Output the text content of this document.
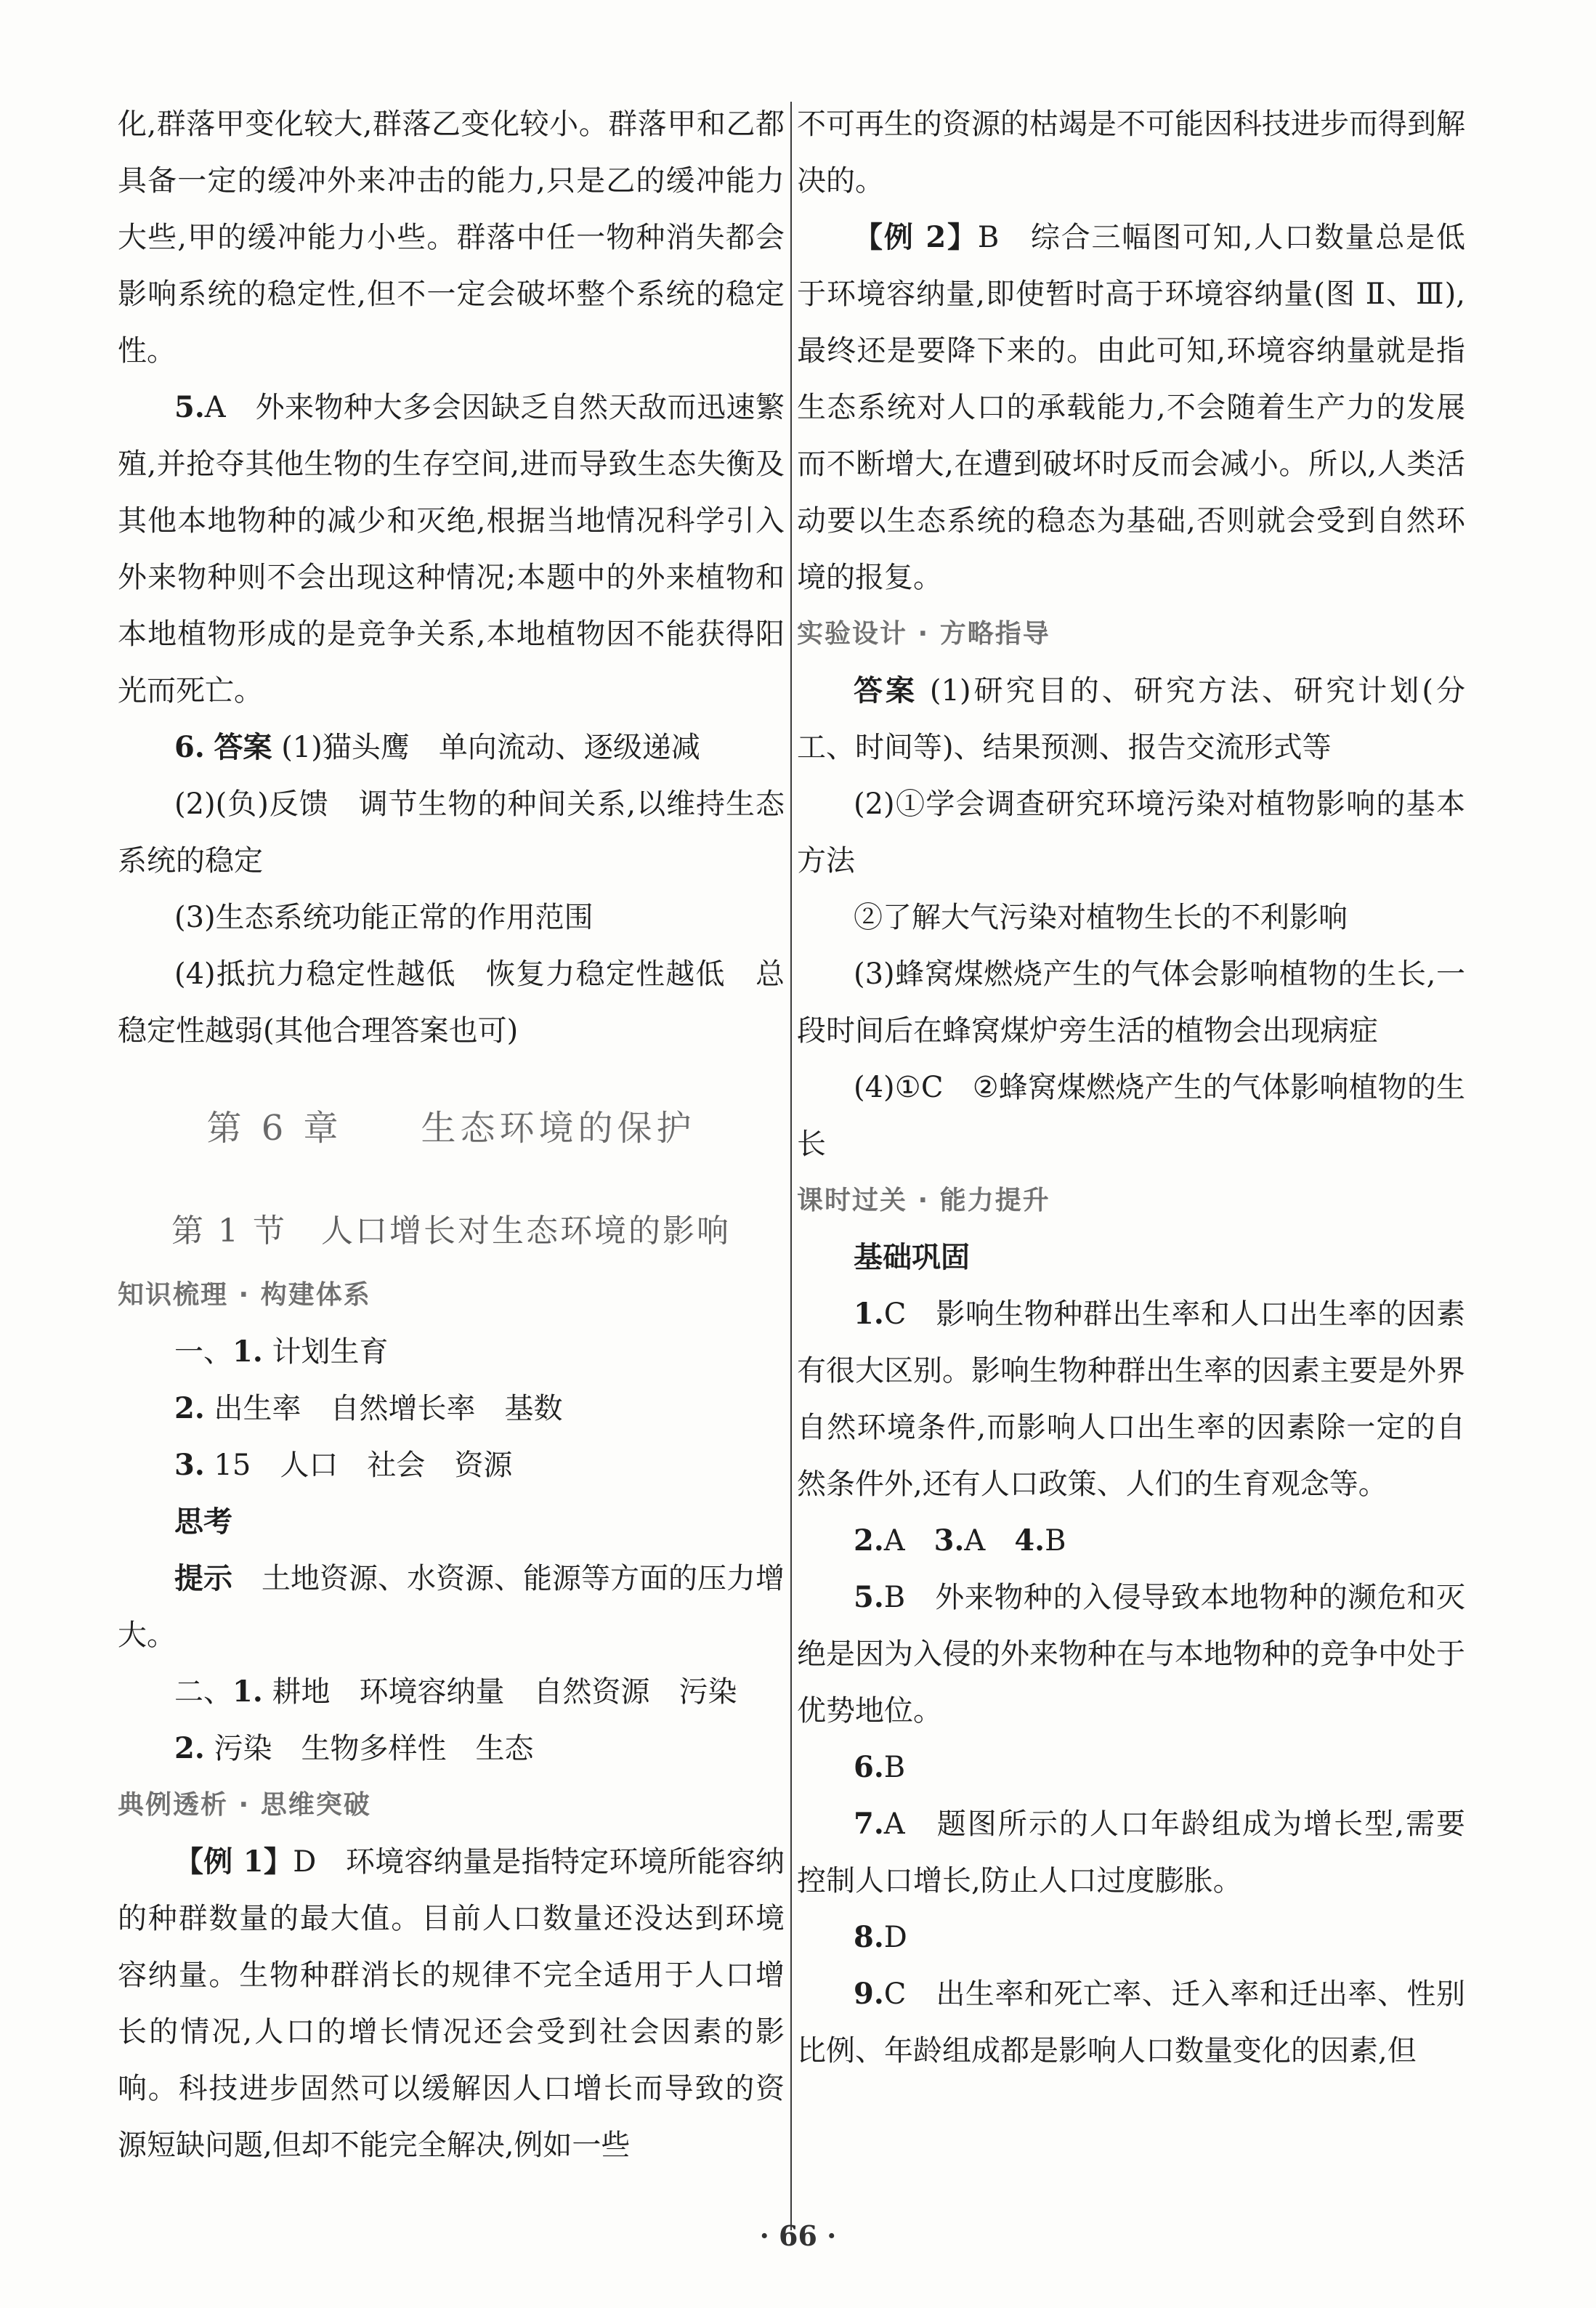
化,群落甲变化较大,群落乙变化较小。群落甲和乙都具备一定的缓冲外来冲击的能力,只是乙的缓冲能力大些,甲的缓冲能力小些。群落中任一物种消失都会影响系统的稳定性,但不一定会破坏整个系统的稳定性。

5.A　外来物种大多会因缺乏自然天敌而迅速繁殖,并抢夺其他生物的生存空间,进而导致生态失衡及其他本地物种的减少和灭绝,根据当地情况科学引入外来物种则不会出现这种情况;本题中的外来植物和本地植物形成的是竞争关系,本地植物因不能获得阳光而死亡。

6. 答案 (1)猫头鹰　单向流动、逐级递减

(2)(负)反馈　调节生物的种间关系,以维持生态系统的稳定

(3)生态系统功能正常的作用范围

(4)抵抗力稳定性越低　恢复力稳定性越低　总稳定性越弱(其他合理答案也可)

第 6 章　　生态环境的保护

第 1 节　人口增长对生态环境的影响

知识梳理 · 构建体系

一、1. 计划生育

2. 出生率　自然增长率　基数

3. 15　人口　社会　资源

思考

提示　土地资源、水资源、能源等方面的压力增大。

二、1. 耕地　环境容纳量　自然资源　污染

2. 污染　生物多样性　生态

典例透析 · 思维突破

【例 1】D　环境容纳量是指特定环境所能容纳的种群数量的最大值。目前人口数量还没达到环境容纳量。生物种群消长的规律不完全适用于人口增长的情况,人口的增长情况还会受到社会因素的影响。科技进步固然可以缓解因人口增长而导致的资源短缺问题,但却不能完全解决,例如一些

不可再生的资源的枯竭是不可能因科技进步而得到解决的。

【例 2】B　综合三幅图可知,人口数量总是低于环境容纳量,即使暂时高于环境容纳量(图 Ⅱ、Ⅲ),最终还是要降下来的。由此可知,环境容纳量就是指生态系统对人口的承载能力,不会随着生产力的发展而不断增大,在遭到破坏时反而会减小。所以,人类活动要以生态系统的稳态为基础,否则就会受到自然环境的报复。

实验设计 · 方略指导

答案 (1)研究目的、研究方法、研究计划(分工、时间等)、结果预测、报告交流形式等

(2)①学会调查研究环境污染对植物影响的基本方法

②了解大气污染对植物生长的不利影响

(3)蜂窝煤燃烧产生的气体会影响植物的生长,一段时间后在蜂窝煤炉旁生活的植物会出现病症

(4)①C　②蜂窝煤燃烧产生的气体影响植物的生长

课时过关 · 能力提升

基础巩固

1.C　影响生物种群出生率和人口出生率的因素有很大区别。影响生物种群出生率的因素主要是外界自然环境条件,而影响人口出生率的因素除一定的自然条件外,还有人口政策、人们的生育观念等。

2.A　3.A　4.B

5.B　外来物种的入侵导致本地物种的濒危和灭绝是因为入侵的外来物种在与本地物种的竞争中处于优势地位。

6.B

7.A　题图所示的人口年龄组成为增长型,需要控制人口增长,防止人口过度膨胀。

8.D

9.C　出生率和死亡率、迁入率和迁出率、性别比例、年龄组成都是影响人口数量变化的因素,但

· 66 ·
